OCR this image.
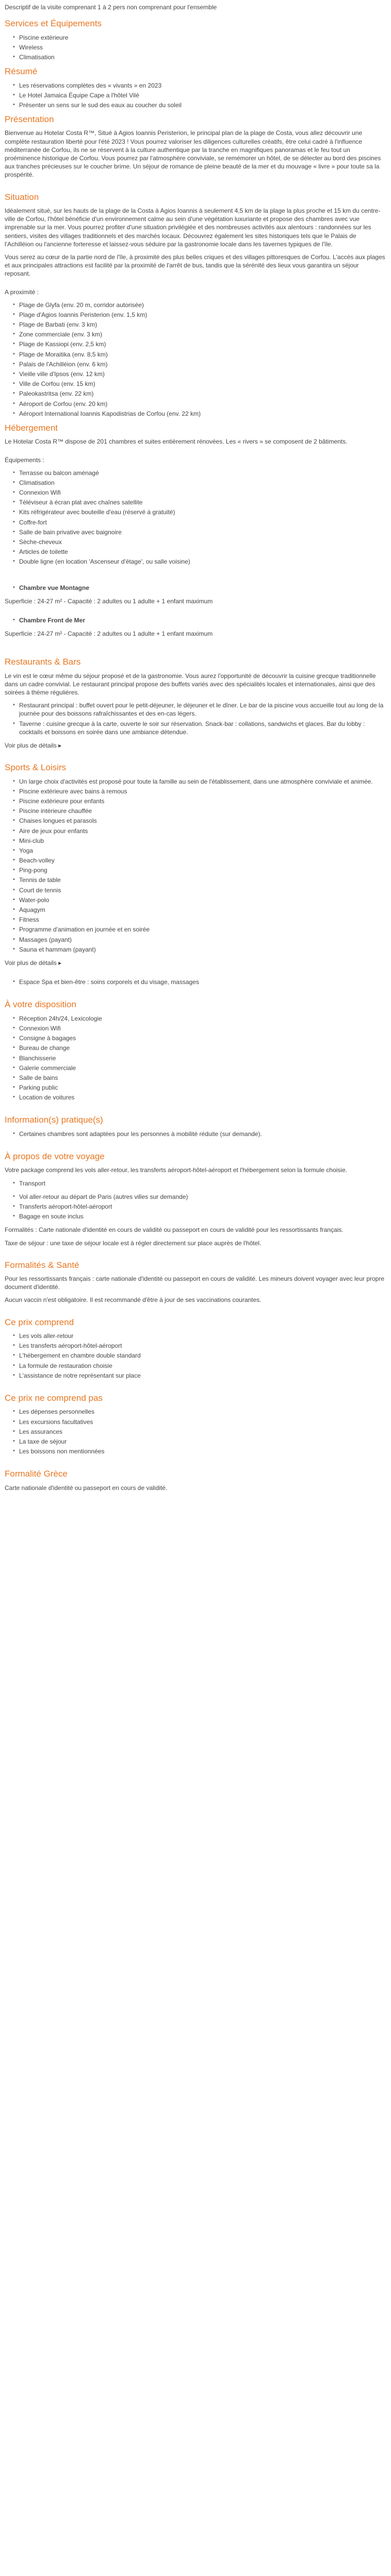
Descriptif de la visite comprenant 1 à 2 pers non comprenant pour l'ensemble

Services et Équipements
▪ Piscine extérieure
▪ Wireless
▪ Climatisation
Résumé
▪ Les réservations complètes des « vivants » en 2023
▪ Le Hotel Jamaica Équipe Cape a l'hôtel Vilè
▪ Présenter un sens sur le sud des eaux au coucher du soleil
Présentation

Bienvenue au Hotelar Costa R™, Situé à Agios Ioannis Peristerion, le principal plan de la plage de Costa, vous allez découvrir une complète restauration liberté pour l'été 2023 ! Vous pourrez valoriser les diligences culturelles créatifs, être celui cadré à l'influence méditerranée de Corfou, ils ne se réservent à la culture authentique par la tranche en magnifiques panoramas et le feu tout un proéminence historique de Corfou. Vous pourrez par l'atmosphère conviviale, se remémorer un hôtel, de se délecter au bord des piscines aux tranches précieuses sur le coucher brime. Un séjour de romance de pleine beauté de la mer et du mouvage « livre » pour toute sa la prospérité.

Situation

Idéalement situé, sur les hauts de la plage de la Costa à Agios Ioannis à seulement 4,5 km de la plage la plus proche et 15 km du centre-ville de Corfou, l'hôtel bénéficie d'un environnement calme au sein d'une végétation luxuriante et propose des chambres avec vue imprenable sur la mer. Vous pourrez profiter d'une situation privilégiée et des nombreuses activités aux alentours : randonnées sur les sentiers, visites des villages traditionnels et des marchés locaux. Découvrez également les sites historiques tels que le Palais de l'Achilléion ou l'ancienne forteresse et laissez-vous séduire par la gastronomie locale dans les tavernes typiques de l'île.

Vous serez au cœur de la partie nord de l'île, à proximité des plus belles criques et des villages pittoresques de Corfou. L'accès aux plages et aux principales attractions est facilité par la proximité de l'arrêt de bus, tandis que la sérénité des lieux vous garantira un séjour reposant.

A proximité :

▪ Plage de Glyfa (env. 20 m, corridor autorisée)
▪ Plage d'Agios Ioannis Peristerion (env. 1,5 km)
▪ Plage de Barbati (env. 3 km)
▪ Zone commerciale (env. 3 km)
▪ Plage de Kassiopi (env. 2,5 km)
▪ Plage de Moraitika (env. 8,5 km)
▪ Palais de l'Achilléion (env. 6 km)
▪ Vieille ville d'Ipsos (env. 12 km)
▪ Ville de Corfou (env. 15 km)
▪ Paleokastritsa (env. 22 km)
▪ Aéroport de Corfou (env. 20 km)
▪ Aéroport International Ioannis Kapodistrias de Corfou (env. 22 km)
Hébergement

Le Hotelar Costa R™ dispose de 201 chambres et suites entièrement rénovées. Les « rivers » se composent de 2 bâtiments.

Équipements :

▪ Terrasse ou balcon aménagé
▪ Climatisation
▪ Connexion Wifi
▪ Téléviseur à écran plat avec chaînes satellite
▪ Kits réfrigérateur avec bouteille d'eau (réservé à gratuité)
▪ Coffre-fort
▪ Salle de bain privative avec baignoire
▪ Sèche-cheveux
▪ Articles de toilette
▪ Double ligne (en location 'Ascenseur d'étage', ou salle voisine)
▪ Chambre vue Montagne

Superficie : 24-27 m² - Capacité : 2 adultes ou 1 adulte + 1 enfant maximum

▪ Chambre Front de Mer

Superficie : 24-27 m² - Capacité : 2 adultes ou 1 adulte + 1 enfant maximum

Restaurants & Bars

Le vin est le cœur même du séjour proposé et de la gastronomie. Vous aurez l'opportunité de découvrir la cuisine grecque traditionnelle dans un cadre convivial. Le restaurant principal propose des buffets variés avec des spécialités locales et internationales, ainsi que des soirées à thème régulières.

▪ Restaurant principal : buffet ouvert pour le petit-déjeuner, le déjeuner et le dîner. Le bar de la piscine vous accueille tout au long de la journée pour des boissons rafraîchissantes et des en-cas légers.
▪ Taverne : cuisine grecque à la carte, ouverte le soir sur réservation. Snack-bar : collations, sandwichs et glaces. Bar du lobby : cocktails et boissons en soirée dans une ambiance détendue.

Voir plus de détails ▸

Sports & Loisirs
▪ Un large choix d'activités est proposé pour toute la famille au sein de l'établissement, dans une atmosphère conviviale et animée.
▪ Piscine extérieure avec bains à remous
▪ Piscine extérieure pour enfants
▪ Piscine intérieure chauffée
▪ Chaises longues et parasols
▪ Aire de jeux pour enfants
▪ Mini-club
▪ Yoga
▪ Beach-volley
▪ Ping-pong
▪ Tennis de table
▪ Court de tennis
▪ Water-polo
▪ Aquagym
▪ Fitness
▪ Programme d'animation en journée et en soirée
▪ Massages (payant)
▪ Sauna et hammam (payant)

Voir plus de détails ▸

▪ Espace Spa et bien-être : soins corporels et du visage, massages
À votre disposition
▪ Réception 24h/24, Lexicologie
▪ Connexion Wifi
▪ Consigne à bagages
▪ Bureau de change
▪ Blanchisserie
▪ Galerie commerciale
▪ Salle de bains
▪ Parking public
▪ Location de voitures
Information(s) pratique(s)
▪ Certaines chambres sont adaptées pour les personnes à mobilité réduite (sur demande).
À propos de votre voyage

Votre package comprend les vols aller-retour, les transferts aéroport-hôtel-aéroport et l'hébergement selon la formule choisie.

▪ Transport
▪ Vol aller-retour au départ de Paris (autres villes sur demande)
▪ Transferts aéroport-hôtel-aéroport
▪ Bagage en soute inclus

Formalités : Carte nationale d'identité en cours de validité ou passeport en cours de validité pour les ressortissants français.

Taxe de séjour : une taxe de séjour locale est à régler directement sur place auprès de l'hôtel.

Formalités & Santé

Pour les ressortissants français : carte nationale d'identité ou passeport en cours de validité. Les mineurs doivent voyager avec leur propre document d'identité.

Aucun vaccin n'est obligatoire. Il est recommandé d'être à jour de ses vaccinations courantes.

Ce prix comprend
▪ Les vols aller-retour
▪ Les transferts aéroport-hôtel-aéroport
▪ L'hébergement en chambre double standard
▪ La formule de restauration choisie
▪ L'assistance de notre représentant sur place
Ce prix ne comprend pas
▪ Les dépenses personnelles
▪ Les excursions facultatives
▪ Les assurances
▪ La taxe de séjour
▪ Les boissons non mentionnées
Formalité Grèce

Carte nationale d'identité ou passeport en cours de validité.
